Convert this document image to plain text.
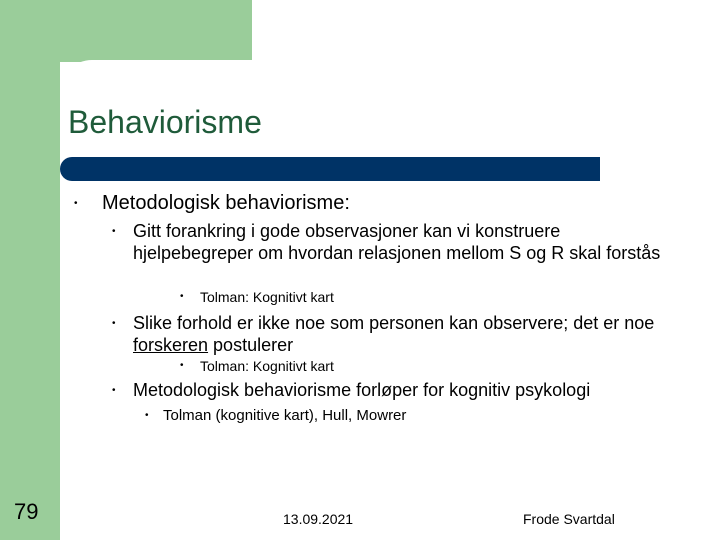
Behaviorisme
• Metodologisk behaviorisme:
• Gitt forankring i gode observasjoner kan vi konstruere hjelpebegreper om hvordan relasjonen mellom S og R skal forstås
• Tolman: Kognitivt kart
• Slike forhold er ikke noe som personen kan observere; det er noe forskeren postulerer
• Tolman: Kognitivt kart
• Metodologisk behaviorisme forløper for kognitiv psykologi
• Tolman (kognitive kart), Hull, Mowrer
79	13.09.2021	Frode Svartdal
